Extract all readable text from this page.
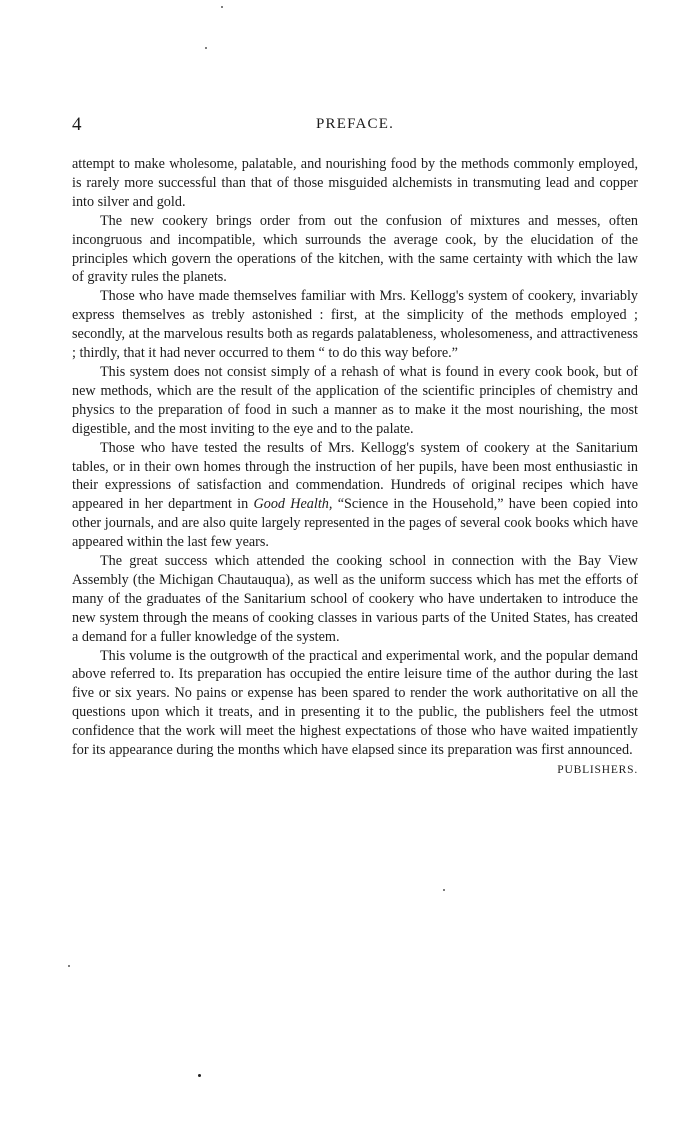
4	PREFACE.

attempt to make wholesome, palatable, and nourishing food by the methods commonly employed, is rarely more successful than that of those misguided alchemists in transmuting lead and copper into silver and gold.

The new cookery brings order from out the confusion of mixtures and messes, often incongruous and incompatible, which surrounds the average cook, by the elucidation of the principles which govern the operations of the kitchen, with the same certainty with which the law of gravity rules the planets.

Those who have made themselves familiar with Mrs. Kellogg's system of cookery, invariably express themselves as trebly astonished : first, at the simplicity of the methods employed ; secondly, at the marvelous results both as regards palatableness, wholesomeness, and attractiveness ; thirdly, that it had never occurred to them “ to do this way before.”

This system does not consist simply of a rehash of what is found in every cook book, but of new methods, which are the result of the application of the scientific principles of chemistry and physics to the preparation of food in such a manner as to make it the most nourishing, the most digestible, and the most inviting to the eye and to the palate.

Those who have tested the results of Mrs. Kellogg's system of cookery at the Sanitarium tables, or in their own homes through the instruction of her pupils, have been most enthusiastic in their expressions of satisfaction and commendation. Hundreds of original recipes which have appeared in her department in Good Health, “Science in the Household,” have been copied into other journals, and are also quite largely represented in the pages of several cook books which have appeared within the last few years.

The great success which attended the cooking school in connection with the Bay View Assembly (the Michigan Chautauqua), as well as the uniform success which has met the efforts of many of the graduates of the Sanitarium school of cookery who have undertaken to introduce the new system through the means of cooking classes in various parts of the United States, has created a demand for a fuller knowledge of the system.

This volume is the outgrowth of the practical and experimental work, and the popular demand above referred to. Its preparation has occupied the entire leisure time of the author during the last five or six years. No pains or expense has been spared to render the work authoritative on all the questions upon which it treats, and in presenting it to the public, the publishers feel the utmost confidence that the work will meet the highest expectations of those who have waited impatiently for its appearance during the months which have elapsed since its preparation was first announced.
PUBLISHERS.
